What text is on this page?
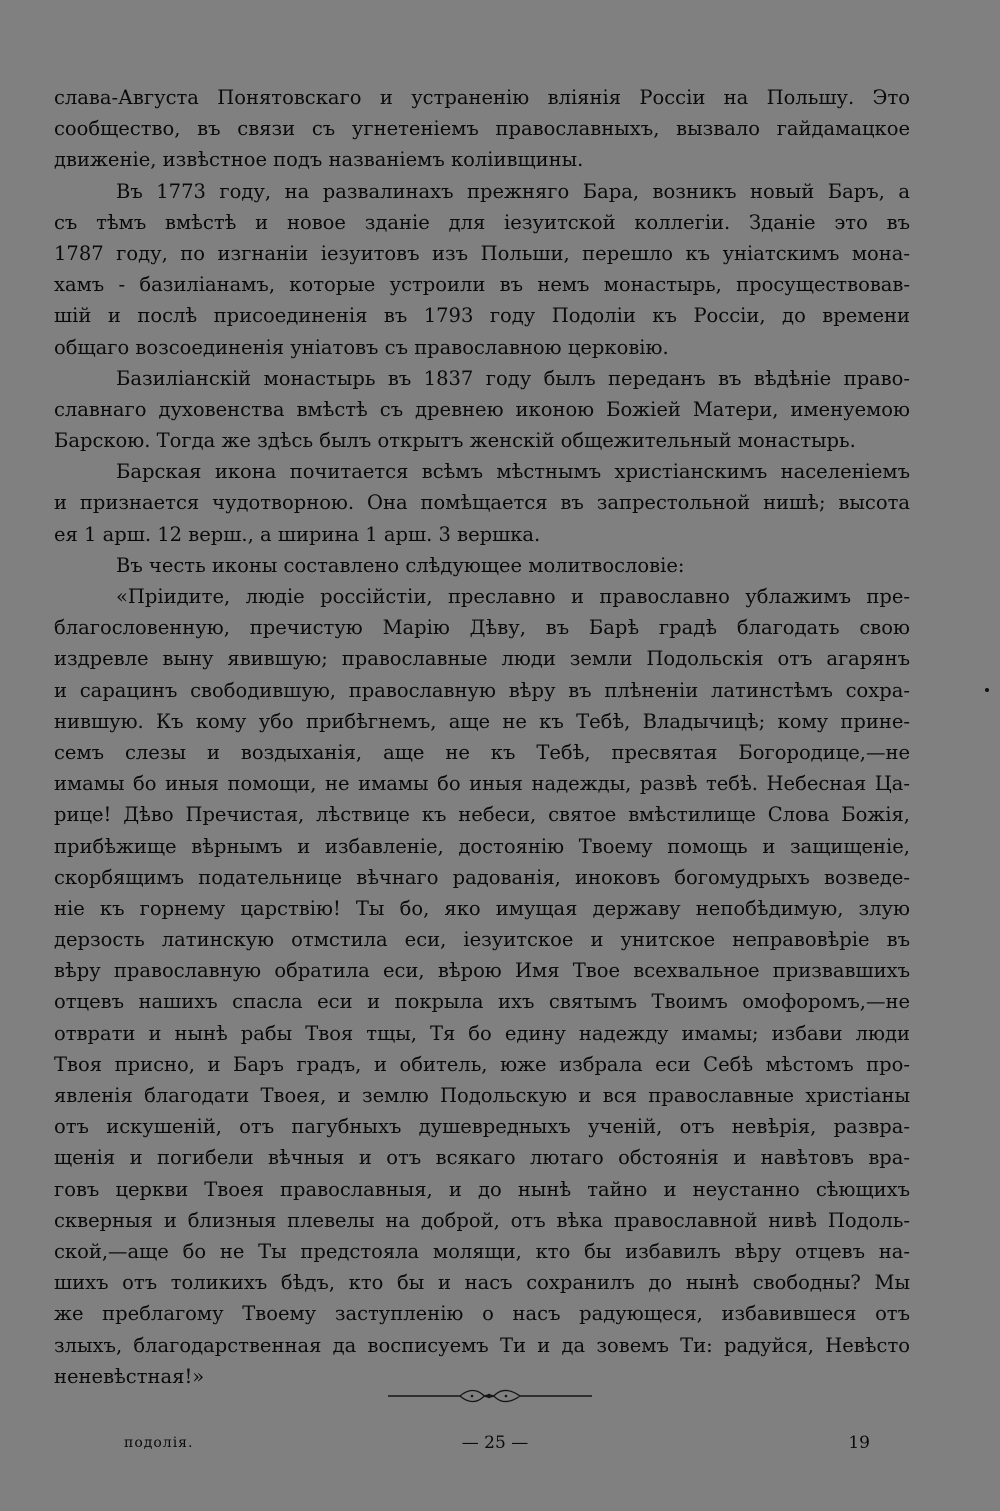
слава-Августа Понятовскаго и устраненію вліянія Россіи на Польшу. Это
сообщество, въ связи съ угнетеніемъ православныхъ, вызвало гайдамацкое
движеніе, извѣстное подъ названіемъ коліивщины.
Въ 1773 году, на развалинахъ прежняго Бара, возникъ новый Баръ, а
съ тѣмъ вмѣстѣ и новое зданіе для іезуитской коллегіи. Зданіе это въ
1787 году, по изгнаніи іезуитовъ изъ Польши, перешло къ уніатскимъ мона-
хамъ - базиліанамъ, которые устроили въ немъ монастырь, просуществовав-
шій и послѣ присоединенія въ 1793 году Подоліи къ Россіи, до времени
общаго возсоединенія уніатовъ съ православною церковію.
Базиліанскій монастырь въ 1837 году былъ переданъ въ вѣдѣніе право-
славнаго духовенства вмѣстѣ съ древнею иконою Божіей Матери, именуемою
Барскою. Тогда же здѣсь былъ открытъ женскій общежительный монастырь.
Барская икона почитается всѣмъ мѣстнымъ христіанскимъ населеніемъ
и признается чудотворною. Она помѣщается въ запрестольной нишѣ; высота
ея 1 арш. 12 верш., а ширина 1 арш. 3 вершка.
Въ честь иконы составлено слѣдующее молитвословіе:
«Пріидите, людіе россійстіи, преславно и православно ублажимъ пре-
благословенную, пречистую Марію Дѣву, въ Барѣ градѣ благодать свою
издревле выну явившую; православные люди земли Подольскія отъ агарянъ
и сарацинъ свободившую, православную вѣру въ плѣненіи латинстѣмъ сохра-
нившую. Къ кому убо прибѣгнемъ, аще не къ Тебѣ, Владычицѣ; кому прине-
семъ слезы и воздыханія, аще не къ Тебѣ, пресвятая Богородице,—не
имамы бо иныя помощи, не имамы бо иныя надежды, развѣ тебѣ. Небесная Ца-
рице! Дѣво Пречистая, лѣствице къ небеси, святое вмѣстилище Слова Божія,
прибѣжище вѣрнымъ и избавленіе, достоянію Твоему помощь и защищеніе,
скорбящимъ подательнице вѣчнаго радованія, иноковъ богомудрыхъ возведе-
ніе къ горнему царствію! Ты бо, яко имущая державу непобѣдимую, злую
дерзость латинскую отмстила еси, іезуитское и унитское неправовѣріе въ
вѣру православную обратила еси, вѣрою Имя Твое всехвальное призвавшихъ
отцевъ нашихъ спасла еси и покрыла ихъ святымъ Твоимъ омофоромъ,—не
отврати и нынѣ рабы Твоя тщы, Тя бо едину надежду имамы; избави люди
Твоя присно, и Баръ градъ, и обитель, юже избрала еси Себѣ мѣстомъ про-
явленія благодати Твоея, и землю Подольскую и вся православные христіаны
отъ искушеній, отъ пагубныхъ душевредныхъ ученій, отъ невѣрія, развра-
щенія и погибели вѣчныя и отъ всякаго лютаго обстоянія и навѣтовъ вра-
говъ церкви Твоея православныя, и до нынѣ тайно и неустанно сѣющихъ
скверныя и близныя плевелы на доброй, отъ вѣка православной нивѣ Подоль-
ской,—аще бо не Ты предстояла молящи, кто бы избавилъ вѣру отцевъ на-
шихъ отъ толикихъ бѣдъ, кто бы и насъ сохранилъ до нынѣ свободны? Мы
же преблагому Твоему заступленію о насъ радующеся, избавившеся отъ
злыхъ, благодарственная да восписуемъ Ти и да зовемъ Ти: радуйся, Невѣсто
неневѣстная!»
подолія.	— 25 —	19
